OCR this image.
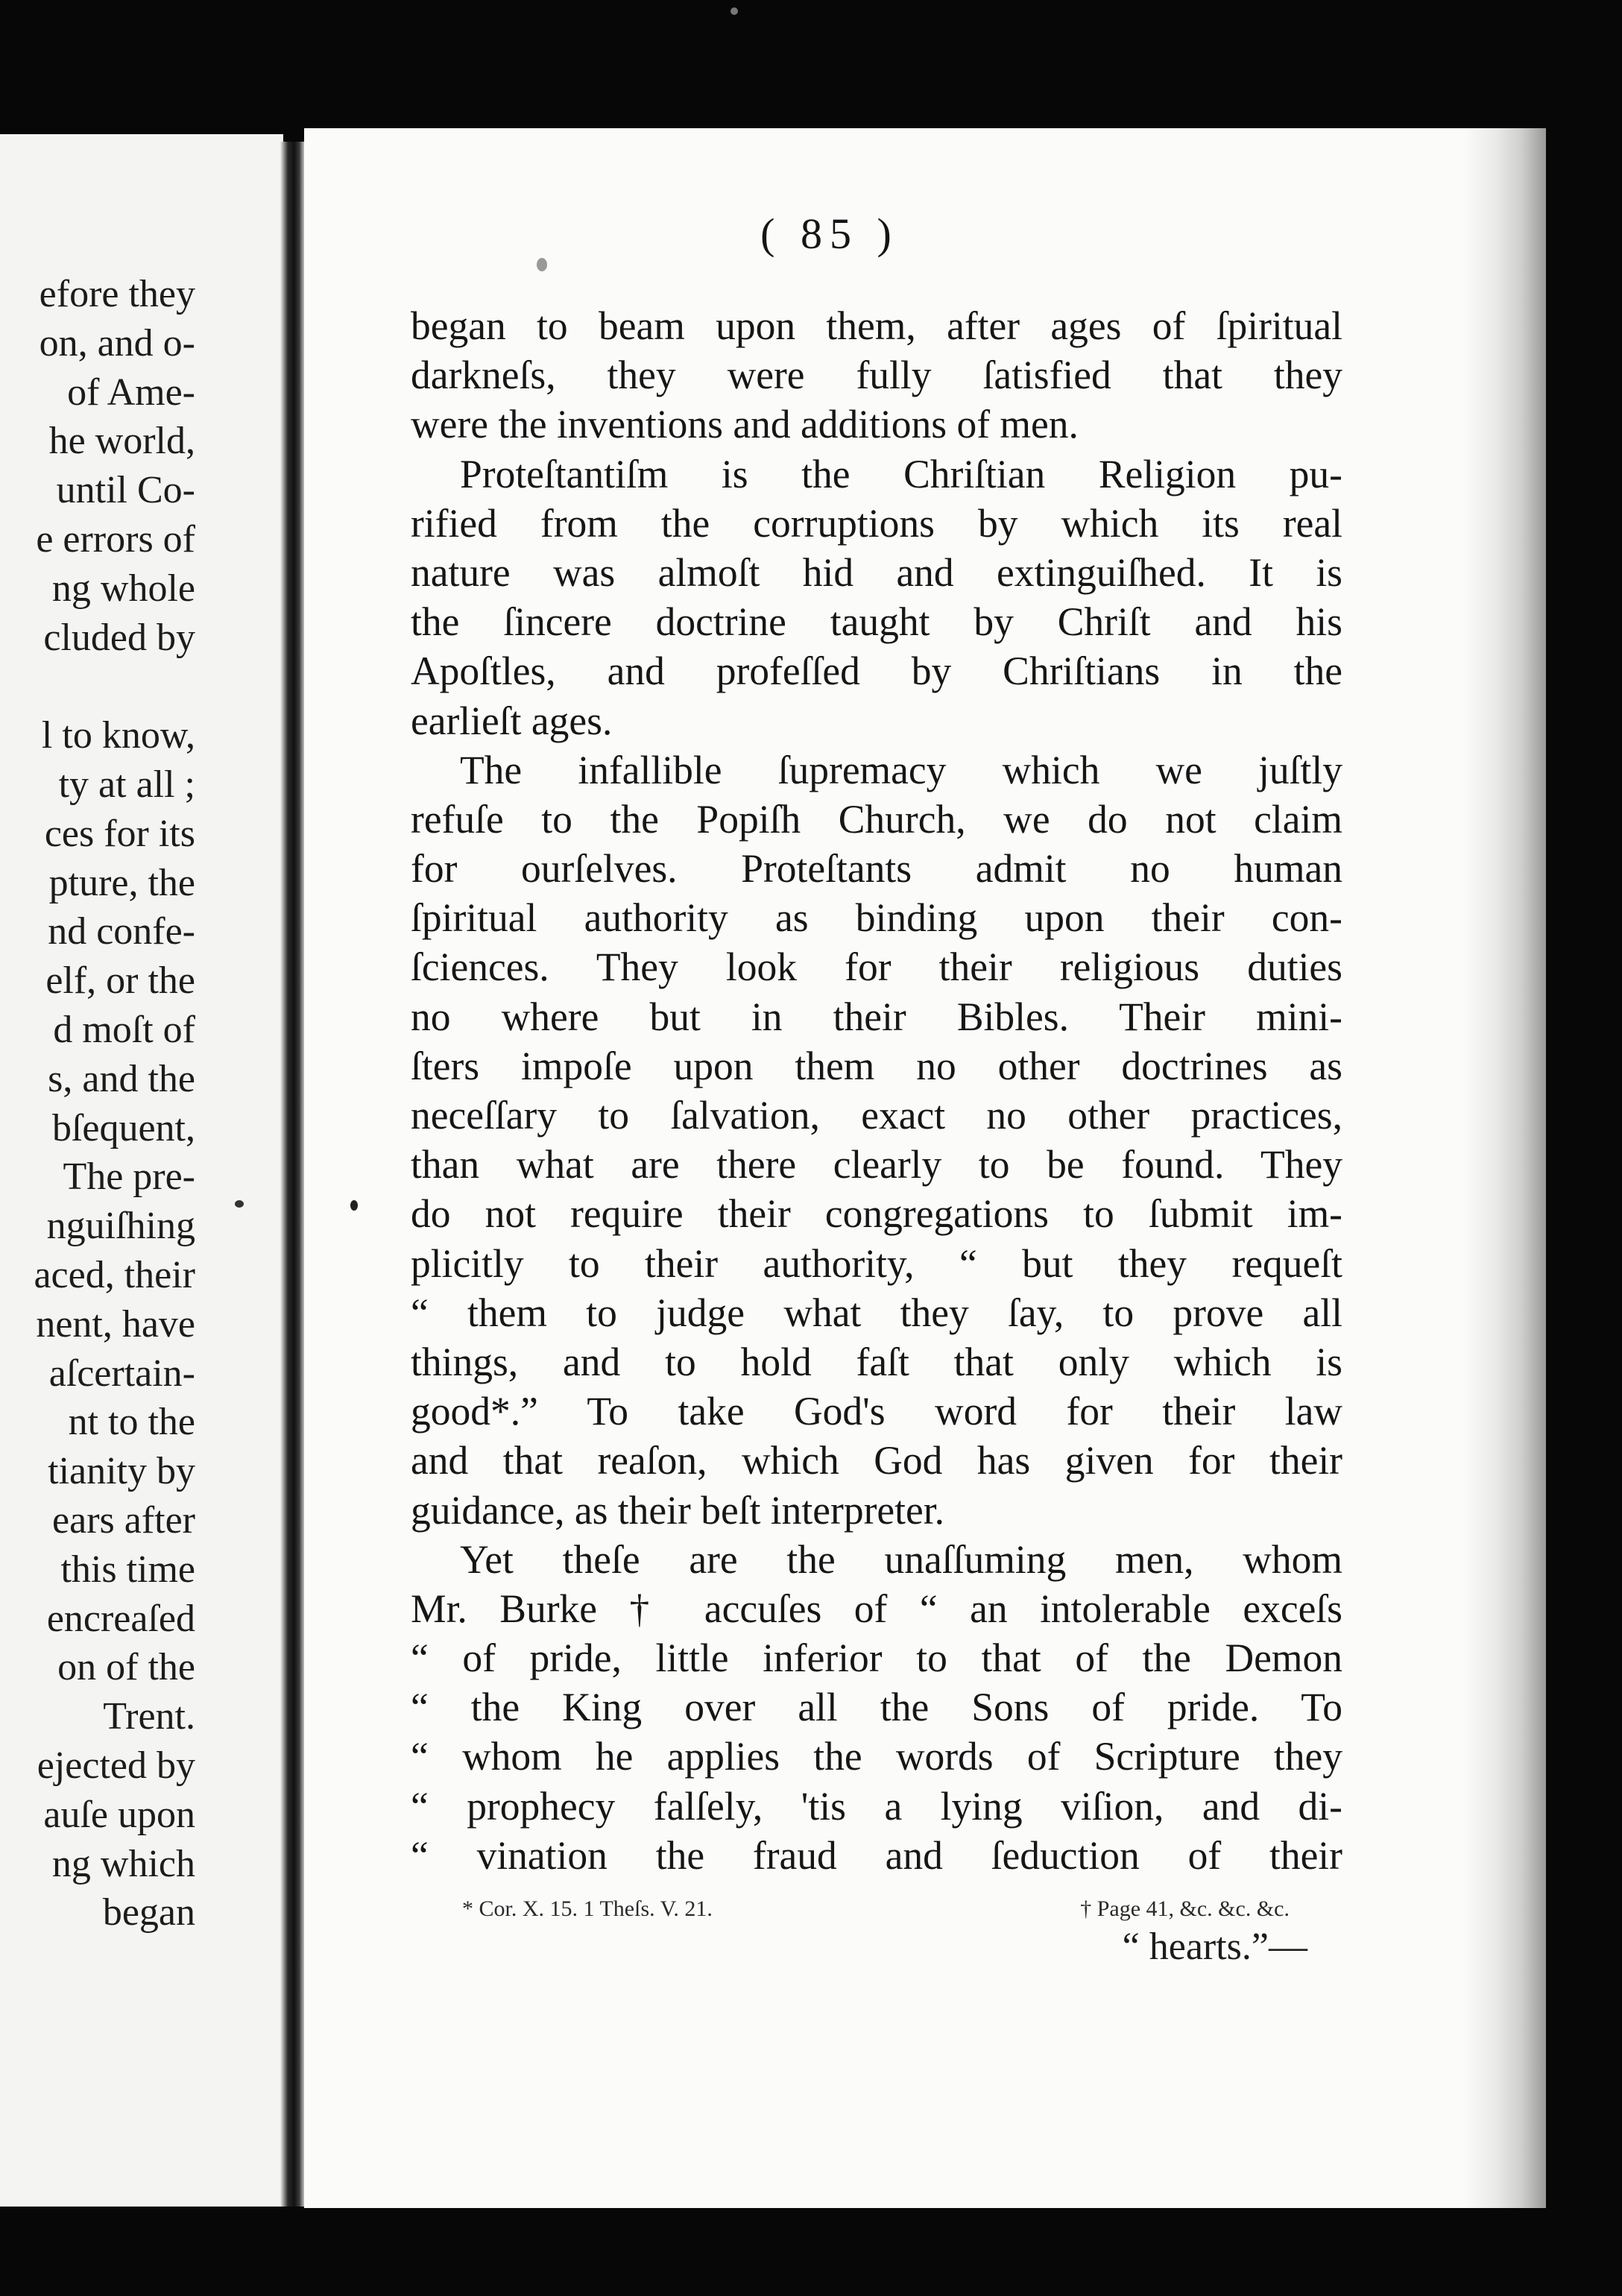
efore they
on, and o-
of Ame-
he world,
until Co-
e errors of
ng whole
cluded by
l to know,
ty at all ;
ces for its
pture, the
nd confe-
elf, or the
d moſt of
s, and the
bſequent,
The pre-
nguiſhing
aced, their
nent, have
aſcertain-
nt to the
tianity by
ears after
this time
encreaſed
on of the
Trent.
ejected by
auſe upon
ng which
began
( 85 )
began to beam upon them, after ages of ſpiritual
darkneſs, they were fully ſatisfied that they
were the inventions and additions of men.
Proteſtantiſm is the Chriſtian Religion pu-
rified from the corruptions by which its real
nature was almoſt hid and extinguiſhed. It is
the ſincere doctrine taught by Chriſt and his
Apoſtles, and profeſſed by Chriſtians in the
earlieſt ages.
The infallible ſupremacy which we juſtly
refuſe to the Popiſh Church, we do not claim
for ourſelves. Proteſtants admit no human
ſpiritual authority as binding upon their con-
ſciences. They look for their religious duties
no where but in their Bibles. Their mini-
ſters impoſe upon them no other doctrines as
neceſſary to ſalvation, exact no other practices,
than what are there clearly to be found. They
do not require their congregations to ſubmit im-
plicitly to their authority, “ but they requeſt
“ them to judge what they ſay, to prove all
things, and to hold faſt that only which is
good*.” To take God's word for their law
and that reaſon, which God has given for their
guidance, as their beſt interpreter.
Yet theſe are the unaſſuming men, whom
Mr. Burke † accuſes of “ an intolerable exceſs
“ of pride, little inferior to that of the Demon
“ the King over all the Sons of pride. To
“ whom he applies the words of Scripture they
“ prophecy falſely, 'tis a lying viſion, and di-
“ vination the fraud and ſeduction of their
* Cor. X. 15. 1 Theſs. V. 21.	† Page 41, &c. &c. &c.
“ hearts.”—
